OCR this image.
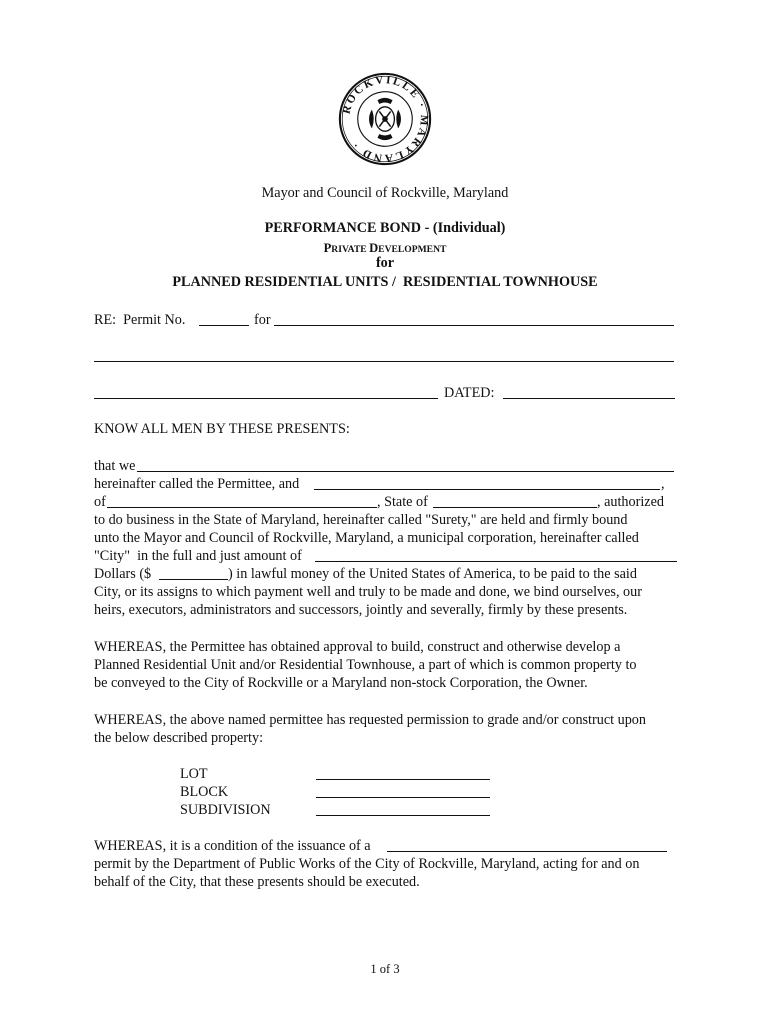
ROCKVILLE · MARYLAND ·
Mayor and Council of Rockville, Maryland
PERFORMANCE BOND - (Individual)
PRIVATE DEVELOPMENT
for
PLANNED RESIDENTIAL UNITS /  RESIDENTIAL TOWNHOUSE
RE:  Permit No.	for
DATED:
KNOW ALL MEN BY THESE PRESENTS:
that we
hereinafter called the Permittee, and	,
of	, State of	, authorized
to do business in the State of Maryland, hereinafter called "Surety," are held and firmly bound
unto the Mayor and Council of Rockville, Maryland, a municipal corporation, hereinafter called
"City"  in the full and just amount of
Dollars ($	) in lawful money of the United States of America, to be paid to the said
City, or its assigns to which payment well and truly to be made and done, we bind ourselves, our
heirs, executors, administrators and successors, jointly and severally, firmly by these presents.
WHEREAS, the Permittee has obtained approval to build, construct and otherwise develop a
Planned Residential Unit and/or Residential Townhouse, a part of which is common property to
be conveyed to the City of Rockville or a Maryland non-stock Corporation, the Owner.
WHEREAS, the above named permittee has requested permission to grade and/or construct upon
the below described property:
LOT
BLOCK
SUBDIVISION
WHEREAS, it is a condition of the issuance of a
permit by the Department of Public Works of the City of Rockville, Maryland, acting for and on
behalf of the City, that these presents should be executed.
1 of 3
